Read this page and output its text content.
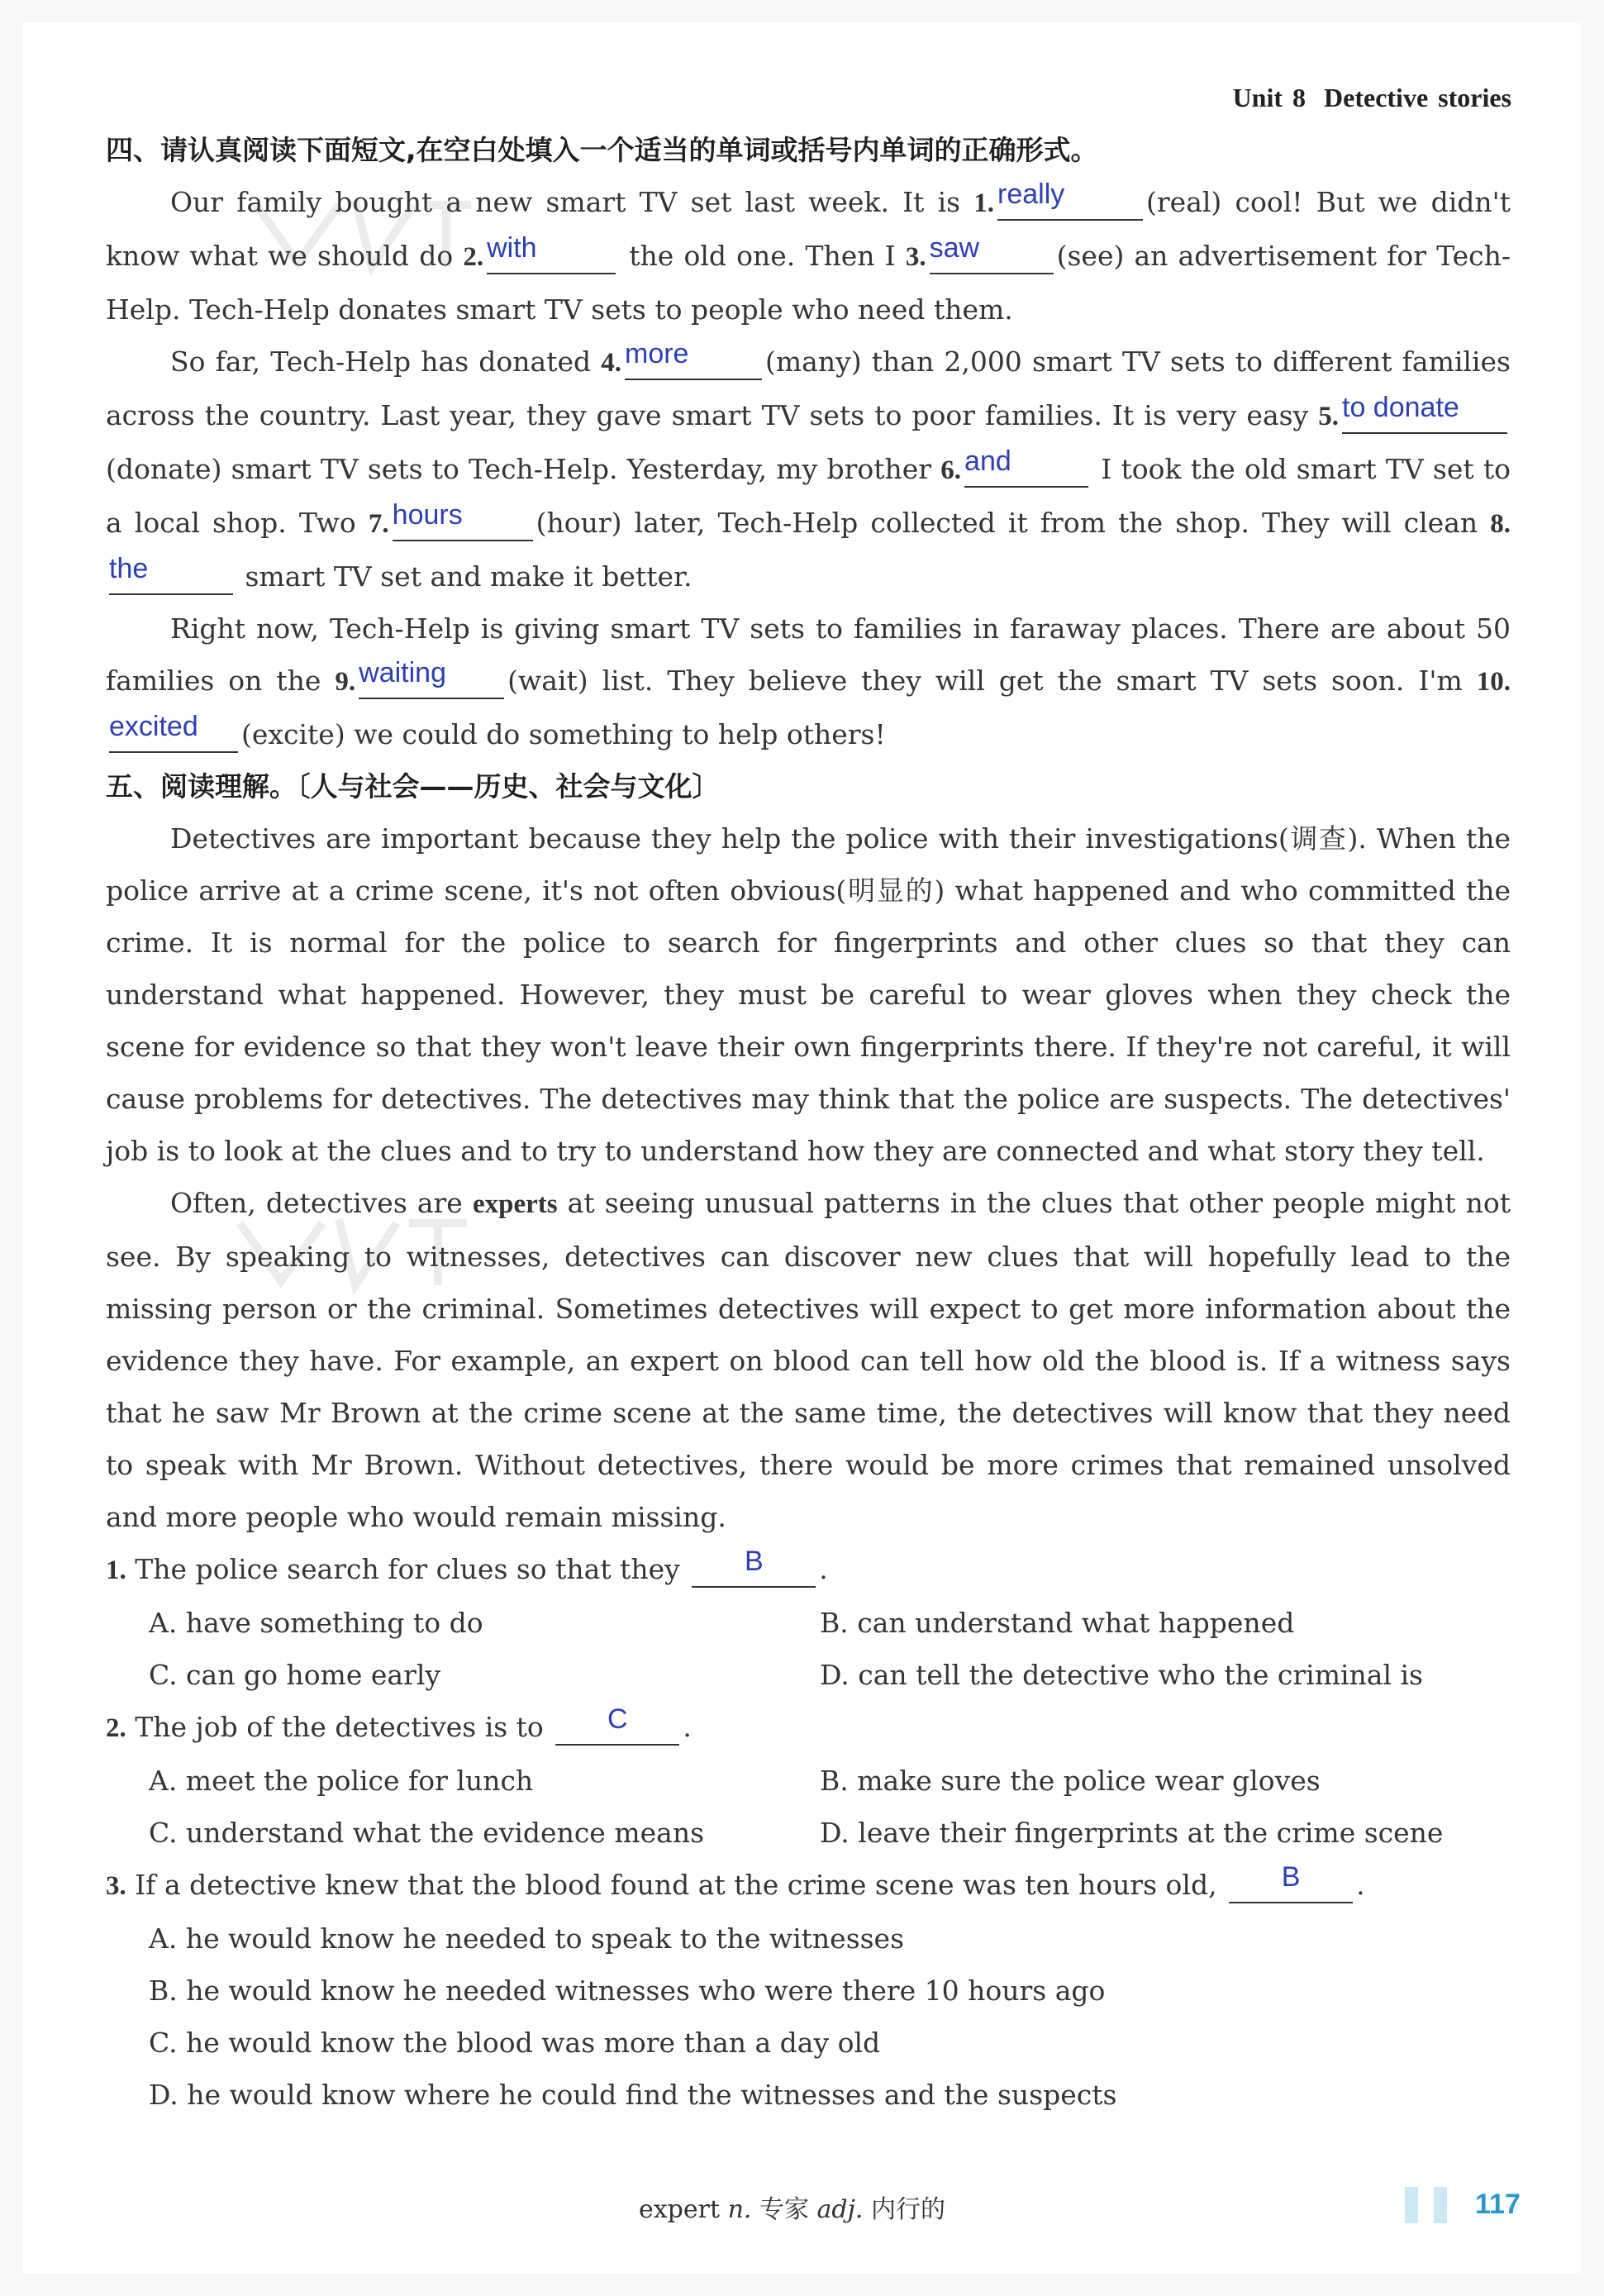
Unit 8 Detective stories

四、请认真阅读下面短文,在空白处填入一个适当的单词或括号内单词的正确形式。

Our family bought a new smart TV set last week. It is 1. really	(real) cool! But we didn't know what we should do 2. with	the old one. Then I 3. saw	(see) an advertisement for Tech-Help. Tech-Help donates smart TV sets to people who need them.

So far, Tech-Help has donated 4. more	(many) than 2,000 smart TV sets to different families across the country. Last year, they gave smart TV sets to poor families. It is very easy 5. to donate(donate) smart TV sets to Tech-Help. Yesterday, my brother 6. and	I took the old smart TV set to a local shop. Two 7. hours	(hour) later, Tech-Help collected it from the shop. They will clean 8.the	smart TV set and make it better.

Right now, Tech-Help is giving smart TV sets to families in faraway places. There are about 50 families on the 9. waiting (wait) list. They believe they will get the smart TV sets soon. I'm 10.excited (excite) we could do something to help others!

五、阅读理解。〔人与社会——历史、社会与文化〕

Detectives are important because they help the police with their investigations(调查). When the police arrive at a crime scene, it's not often obvious(明显的) what happened and who committed the crime. It is normal for the police to search for fingerprints and other clues so that they can understand what happened. However, they must be careful to wear gloves when they check the scene for evidence so that they won't leave their own fingerprints there. If they're not careful, it will cause problems for detectives. The detectives may think that the police are suspects. The detectives' job is to look at the clues and to try to understand how they are connected and what story they tell.

Often, detectives are experts at seeing unusual patterns in the clues that other people might not see. By speaking to witnesses, detectives can discover new clues that will hopefully lead to the missing person or the criminal. Sometimes detectives will expect to get more information about the evidence they have. For example, an expert on blood can tell how old the blood is. If a witness says that he saw Mr Brown at the crime scene at the same time, the detectives will know that they need to speak with Mr Brown. Without detectives, there would be more crimes that remained unsolved and more people who would remain missing.

1. The police search for clues so that they B .

A. have something to do	B. can understand what happened
C. can go home early	D. can tell the detective who the criminal is

2. The job of the detectives is to C .

A. meet the police for lunch	B. make sure the police wear gloves
C. understand what the evidence means	D. leave their fingerprints at the crime scene

3. If a detective knew that the blood found at the crime scene was ten hours old, B .

A. he would know he needed to speak to the witnesses
B. he would know he needed witnesses who were there 10 hours ago
C. he would know the blood was more than a day old
D. he would know where he could find the witnesses and the suspects
expert n. 专家 adj. 内行的	117
